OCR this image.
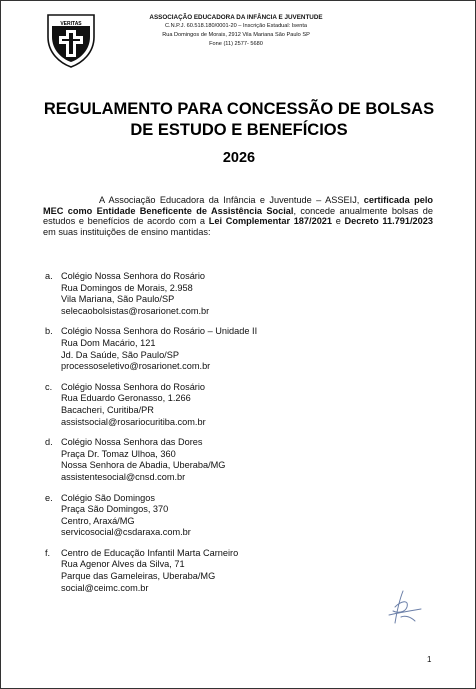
VERITAS
ASSOCIAÇÃO EDUCADORA DA INFÂNCIA E JUVENTUDE
C.N.P.J. 60.518.180/0001-20 – Inscrição Estadual: Isenta
Rua Domingos de Morais, 2912 Vila Mariana São Paulo SP
Fone (11) 2577- 5680
REGULAMENTO PARA CONCESSÃO DE BOLSAS
DE ESTUDO E BENEFÍCIOS
2026

A Associação Educadora da Infância e Juventude – ASSEIJ, certificada pelo MEC como Entidade Beneficente de Assistência Social, concede anualmente bolsas de estudos e benefícios de acordo com a Lei Complementar 187/2021 e Decreto 11.791/2023 em suas instituições de ensino mantidas:

a. Colégio Nossa Senhora do Rosário
Rua Domingos de Morais, 2.958
Vila Mariana, São Paulo/SP
selecaobolsistas@rosarionet.com.br
b. Colégio Nossa Senhora do Rosário – Unidade II
Rua Dom Macário, 121
Jd. Da Saúde, São Paulo/SP
processoseletivo@rosarionet.com.br
c. Colégio Nossa Senhora do Rosário
Rua Eduardo Geronasso, 1.266
Bacacheri, Curitiba/PR
assistsocial@rosariocuritiba.com.br
d. Colégio Nossa Senhora das Dores
Praça Dr. Tomaz Ulhoa, 360
Nossa Senhora de Abadia, Uberaba/MG
assistentesocial@cnsd.com.br
e. Colégio São Domingos
Praça São Domingos, 370
Centro, Araxá/MG
servicosocial@csdaraxa.com.br
f. Centro de Educação Infantil Marta Carneiro
Rua Agenor Alves da Silva, 71
Parque das Gameleiras, Uberaba/MG
social@ceimc.com.br
1
